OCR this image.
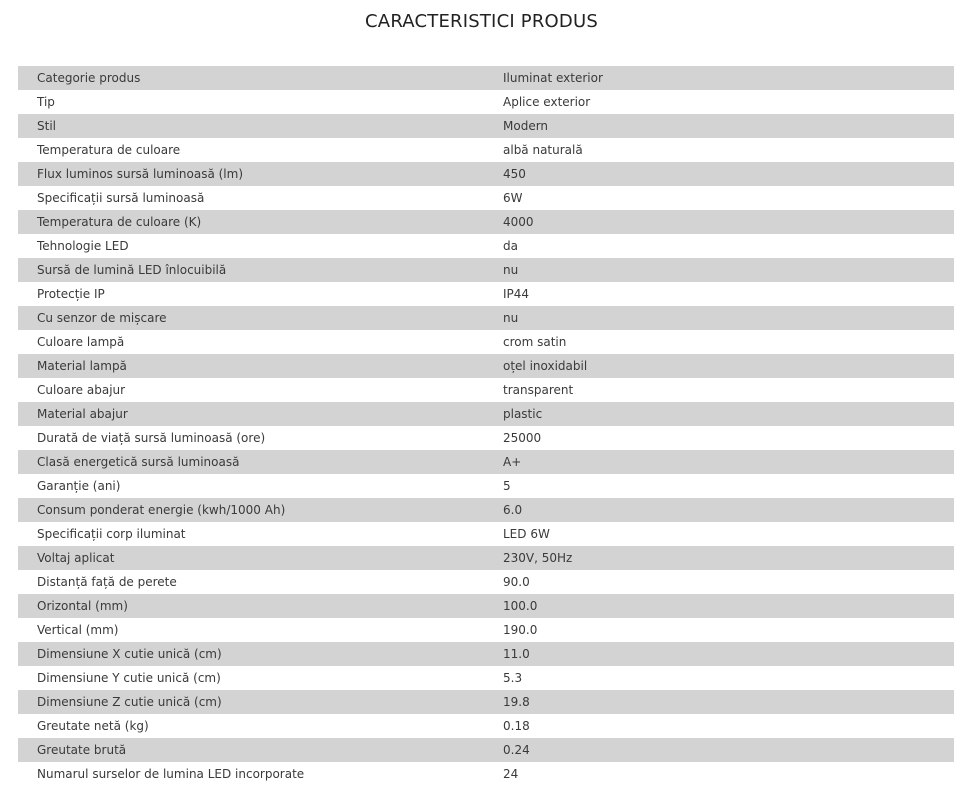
CARACTERISTICI PRODUS
Categorie produs	Iluminat exterior
Tip	Aplice exterior
Stil	Modern
Temperatura de culoare	albă naturală
Flux luminos sursă luminoasă (lm)	450
Specificații sursă luminoasă	6W
Temperatura de culoare (K)	4000
Tehnologie LED	da
Sursă de lumină LED înlocuibilă	nu
Protecție IP	IP44
Cu senzor de mișcare	nu
Culoare lampă	crom satin
Material lampă	oțel inoxidabil
Culoare abajur	transparent
Material abajur	plastic
Durată de viață sursă luminoasă (ore)	25000
Clasă energetică sursă luminoasă	A+
Garanție (ani)	5
Consum ponderat energie (kwh/1000 Ah)	6.0
Specificații corp iluminat	LED 6W
Voltaj aplicat	230V, 50Hz
Distanță față de perete	90.0
Orizontal (mm)	100.0
Vertical (mm)	190.0
Dimensiune X cutie unică (cm)	11.0
Dimensiune Y cutie unică (cm)	5.3
Dimensiune Z cutie unică (cm)	19.8
Greutate netă (kg)	0.18
Greutate brută	0.24
Numarul surselor de lumina LED incorporate	24
